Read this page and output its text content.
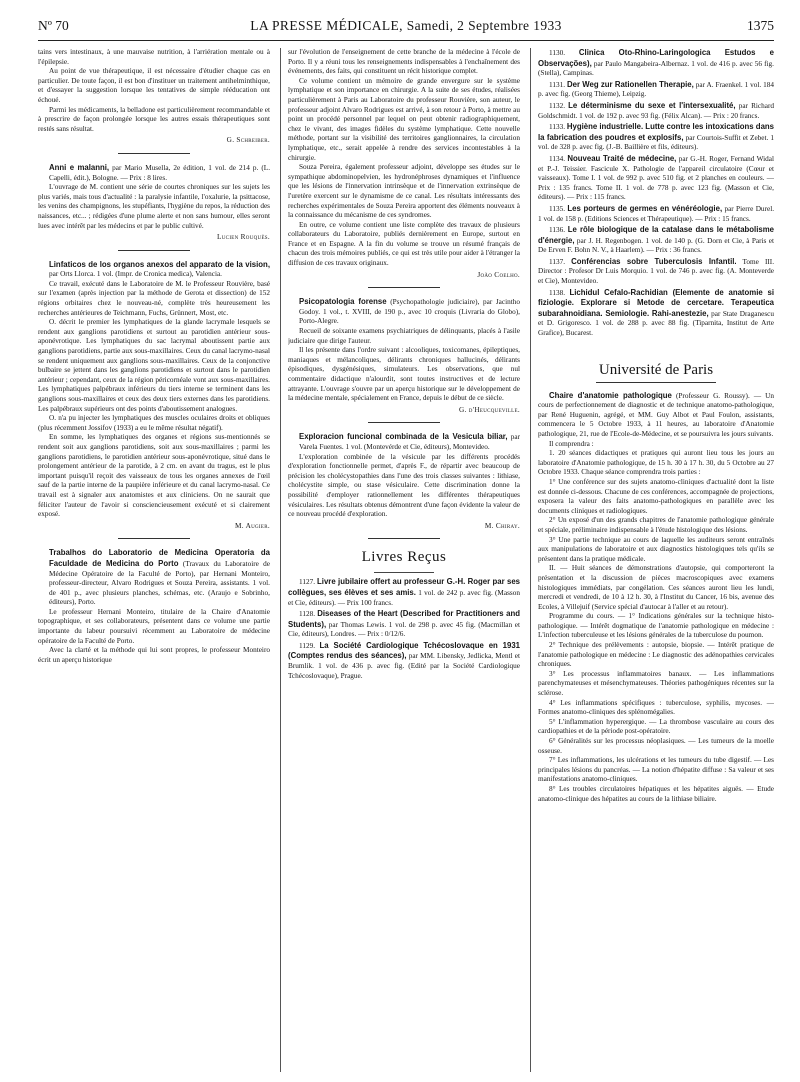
Nº 70	LA PRESSE MÉDICALE, Samedi, 2 Septembre 1933	1375

tains vers intestinaux, à une mauvaise nutrition, à l'arriération mentale ou à l'épilepsie.

Au point de vue thérapeutique, il est nécessaire d'étudier chaque cas en particulier. De toute façon, il est bon d'instituer un traitement antihelminthique, et d'essayer la suggestion lorsque les tentatives de simple rééducation ont échoué.

Parmi les médicaments, la belladone est particulièrement recommandable et à prescrire de façon prolongée lorsque les autres essais thérapeutiques sont restés sans résultat.

G. Schreiber.

Anni e malanni, par Mario Musella, 2e édition, 1 vol. de 214 p. (L. Capelli, édit.), Bologne. — Prix : 8 lires.

L'ouvrage de M. contient une série de courtes chroniques sur les sujets les plus variés, mais tous d'actualité : la paralysie infantile, l'oxalurie, la psittacose, les venins des champignons, les stupéfiants, l'hygiène du repos, la réduction des naissances, etc... ; rédigées d'une plume alerte et non sans humour, elles seront lues avec intérêt par les médecins et par le public cultivé.

Lucien Rouquès.

Linfaticos de los organos anexos del apparato de la vision, par Orts Llorca. 1 vol. (Impr. de Cronica medica), Valencia.

Ce travail, exécuté dans le Laboratoire de M. le Professeur Rouvière, basé sur l'examen (après injection par la méthode de Gerota et dissection) de 152 régions orbitaires chez le nouveau-né, complète très heureusement les recherches antérieures de Teichmann, Fuchs, Grünnert, Most, etc.

O. décrit le premier les lymphatiques de la glande lacrymale lesquels se rendent aux ganglions parotidiens et surtout au parotidien antérieur sous-aponévrotique. Les lymphatiques du sac lacrymal aboutissent partie aux ganglions parotidiens, partie aux sous-maxillaires. Ceux du canal lacrymo-nasal se rendent uniquement aux ganglions sous-maxillaires. Ceux de la conjonctive bulbaire se jettent dans les ganglions parotidiens et surtout dans le parotidien antérieur ; cependant, ceux de la région péricornéale vont aux sous-maxillaires. Les lymphatiques palpébraux inférieurs du tiers interne se terminent dans les ganglions sous-maxillaires et ceux des deux tiers externes dans les parotidiens. Les palpébraux supérieurs ont des points d'aboutissement analogues.

O. n'a pu injecter les lymphatiques des muscles oculaires droits et obliques (plus récemment Jossifov (1933) a eu le même résultat négatif).

En somme, les lymphatiques des organes et régions sus-mentionnés se rendent soit aux ganglions parotidiens, soit aux sous-maxillaires ; parmi les ganglions parotidiens, le parotidien antérieur sous-aponévrotique, situé dans le prolongement antérieur de la parotide, à 2 cm. en avant du tragus, est le plus important puisqu'il reçoit des vaisseaux de tous les organes annexes de l'œil sauf de la partie interne de la paupière inférieure et du canal lacrymo-nasal. Ce travail est à signaler aux anatomistes et aux cliniciens. On ne saurait que féliciter l'auteur de l'avoir si consciencieusement exécuté et si clairement exposé.

M. Augier.

Trabalhos do Laboratorio de Medicina Operatoria da Faculdade de Medicina do Porto (Travaux du Laboratoire de Médecine Opératoire de la Faculté de Porto), par Hernani Monteiro, professeur-directeur, Alvaro Rodrigues et Souza Pereira, assistants. 1 vol. de 401 p., avec plusieurs planches, schémas, etc. (Araujo e Sobrinho, éditeurs), Porto.

Le professeur Hernani Monteiro, titulaire de la Chaire d'Anatomie topographique, et ses collaborateurs, présentent dans ce volume une partie importante du labeur poursuivi récemment au Laboratoire de médecine opératoire de la Faculté de Porto.

Avec la clarté et la méthode qui lui sont propres, le professeur Monteiro écrit un aperçu historique

sur l'évolution de l'enseignement de cette branche de la médecine à l'école de Porto. Il y a réuni tous les renseignements indispensables à l'enchaînement des événements, des faits, qui constituent un récit historique complet.

Ce volume contient un mémoire de grande envergure sur le système lymphatique et son importance en chirurgie. A la suite de ses études, réalisées particulièrement à Paris au Laboratoire du professeur Rouvière, son auteur, le professeur adjoint Alvaro Rodrigues est arrivé, à son retour à Porto, à mettre au point un procédé personnel par lequel on peut obtenir radiographiquement, chez le vivant, des images fidèles du système lymphatique. Cette nouvelle méthode, portant sur la visibilité des territoires ganglionnaires, la circulation lymphatique, etc., serait appelée à rendre des services incontestables à la chirurgie.

Souza Pereira, également professeur adjoint, développe ses études sur le sympathique abdominopelvien, les hydronéphroses dynamiques et l'influence que les lésions de l'innervation intrinsèque et de l'innervation extrinsèque de l'uretère exercent sur le dynamisme de ce canal. Les résultats intéressants des recherches expérimentales de Souza Pereira apportent des éléments nouveaux à la connaissance du mécanisme de ces syndromes.

En outre, ce volume contient une liste complète des travaux de plusieurs collaborateurs du Laboratoire, publiés dernièrement en Europe, surtout en France et en Espagne. A la fin du volume se trouve un résumé français de chacun des trois mémoires publiés, ce qui est très utile pour aider à l'étranger la diffusion de ces travaux originaux.

João Coelho.

Psicopatologia forense (Psychopathologie judiciaire), par Jacintho Godoy. 1 vol., t. XVIII, de 190 p., avec 10 croquis (Livraria do Globo), Porto-Alegre.

Recueil de soixante examens psychiatriques de délinquants, placés à l'asile judiciaire que dirige l'auteur.

Il les présente dans l'ordre suivant : alcooliques, toxicomanes, épileptiques, maniaques et mélancoliques, délirants chroniques hallucinés, délirants épisodiques, dysgénésiques, simulateurs. Les observations, que nul commentaire didactique n'alourdit, sont toutes instructives et de lecture attrayante. L'ouvrage s'ouvre par un aperçu historique sur le développement de la médecine mentale, spécialement en France, depuis le début de ce siècle.

G. d'Heucqueville.

Exploracion funcional combinada de la Vesicula biliar, par Varela Fuentes. 1 vol. (Montevérde et Cie, éditeurs), Montevideo.

L'exploration combinée de la vésicule par les différents procédés d'exploration fonctionnelle permet, d'après F., de répartir avec beaucoup de précision les cholécystopathies dans l'une des trois classes suivantes : lithiase, cholécystite simple, ou stase vésiculaire. Cette discrimination donne la possibilité d'employer rationnellement les différentes thérapeutiques vésiculaires. Les résultats obtenus démontrent d'une façon évidente la valeur de ce nouveau procédé d'exploration.

M. Chiray.
Livres Reçus

1127. Livre jubilaire offert au professeur G.-H. Roger par ses collègues, ses élèves et ses amis. 1 vol. de 242 p. avec fig. (Masson et Cie, éditeurs). — Prix 100 francs.

1128. Diseases of the Heart (Described for Practitioners and Students), par Thomas Lewis. 1 vol. de 298 p. avec 45 fig. (Macmillan et Cie, éditeurs), Londres. — Prix : 0/12/6.

1129. La Société Cardiologique Tchécoslovaque en 1931 (Comptes rendus des séances), par MM. Libensky, Jedlicka, Mentl et Brumlik. 1 vol. de 436 p. avec fig. (Edité par la Société Cardiologique Tchécoslovaque), Prague.

1130. Clinica Oto-Rhino-Laringologica Estudos e Observações), par Paulo Mangabeira-Albernaz. 1 vol. de 416 p. avec 56 fig. (Stella), Campinas.

1131. Der Weg zur Rationellen Therapie, par A. Fraenkel. 1 vol. 184 p. avec fig. (Georg Thieme), Leipzig.

1132. Le déterminisme du sexe et l'intersexualité, par Richard Goldschmidt. 1 vol. de 192 p. avec 93 fig. (Félix Alcan). — Prix : 20 francs.

1133. Hygiène industrielle. Lutte contre les intoxications dans la fabrication des poudres et explosifs, par Courtois-Suffit et Zebet. 1 vol. de 328 p. avec fig. (J.-B. Baillière et fils, éditeurs).

1134. Nouveau Traité de médecine, par G.-H. Roger, Fernand Widal et P.-J. Teissier. Fascicule X. Pathologie de l'appareil circulatoire (Cœur et vaisseaux). Tome I. 1 vol. de 992 p. avec 510 fig. et 2 planches en couleurs. — Prix : 135 francs. Tome II. 1 vol. de 778 p. avec 123 fig. (Masson et Cie, éditeurs). — Prix : 115 francs.

1135. Les porteurs de germes en vénéréologie, par Pierre Durel. 1 vol. de 158 p. (Editions Sciences et Thérapeutique). — Prix : 15 francs.

1136. Le rôle biologique de la catalase dans le métabolisme d'énergie, par J. H. Regenbogen. 1 vol. de 140 p. (G. Dorn et Cie, à Paris et De Erven F. Bohn N. V., à Haarlem). — Prix : 36 francs.

1137. Conférencias sobre Tuberculosis Infantil. Tome III. Director : Profesor Dr Luis Morquio. 1 vol. de 746 p. avec fig. (A. Monteverde et Cie), Montevideo.

1138. Lichidul Cefalo-Rachidian (Elemente de anatomie si fiziologie. Explorare si Metode de cercetare. Terapeutica subarahnoidiana. Semiologie. Rahi-anestezie, par State Draganescu et D. Grigoresco. 1 vol. de 288 p. avec 88 fig. (Tiparnita, Institut de Arte Grafice), Bucarest.

Université de Paris

Chaire d'anatomie pathologique (Professeur G. Roussy). — Un cours de perfectionnement de diagnostic et de technique anatomo-pathologique, par René Huguenin, agrégé, et MM. Guy Albot et Paul Foulon, assistants, commencera le 5 Octobre 1933, à 11 heures, au laboratoire d'Anatomie pathologique, 21, rue de l'Ecole-de-Médecine, et se poursuivra les jours suivants.

Il comprendra :

1. 20 séances didactiques et pratiques qui auront lieu tous les jours au laboratoire d'Anatomie pathologique, de 15 h. 30 à 17 h. 30, du 5 Octobre au 27 Octobre 1933. Chaque séance comprendra trois parties :

1° Une conférence sur des sujets anatomo-cliniques d'actualité dont la liste est donnée ci-dessous. Chacune de ces conférences, accompagnée de projections, exposera la valeur des faits anatomo-pathologiques en parallèle avec les documents cliniques et radiologiques.

2° Un exposé d'un des grands chapitres de l'anatomie pathologique générale et spéciale, préliminaire indispensable à l'étude histologique des lésions.

3° Une partie technique au cours de laquelle les auditeurs seront entraînés aux manipulations de laboratoire et aux diagnostics histologiques tels qu'ils se présentent dans la pratique médicale.

II. — Huit séances de démonstrations d'autopsie, qui comporteront la présentation et la discussion de pièces macroscopiques avec examens histologiques immédiats, par congélation. Ces séances auront lieu les lundi, mercredi et vendredi, de 10 à 12 h. 30, à l'Institut du Cancer, 16 bis, avenue des Ecoles, à Villejuif (Service spécial d'autocar à l'aller et au retour).

Programme du cours. — 1° Indications générales sur la technique histo-pathologique. — Intérêt dogmatique de l'anatomie pathologique en médecine : L'infection tuberculeuse et les lésions générales de la tuberculose du poumon.

2° Technique des prélèvements : autopsie, biopsie. — Intérêt pratique de l'anatomie pathologique en médecine : Le diagnostic des adénopathies cervicales chroniques.

3° Les processus inflammatoires banaux. — Les inflammations parenchymateuses et mésenchymateuses. Théories pathogéniques récentes sur la sclérose.

4° Les inflammations spécifiques : tuberculose, syphilis, mycoses. — Formes anatomo-cliniques des splénomégalies.

5° L'inflammation hyperergique. — La thrombose vasculaire au cours des cardiopathies et de la période post-opératoire.

6° Généralités sur les processus néoplasiques. — Les tumeurs de la moelle osseuse.

7° Les inflammations, les ulcérations et les tumeurs du tube digestif. — Les principales lésions du pancréas. — La notion d'hépatite diffuse : Sa valeur et ses manifestations anatomo-cliniques.

8° Les troubles circulatoires hépatiques et les hépatites aiguës. — Etude anatomo-clinique des hépatites au cours de la lithiase biliaire.
